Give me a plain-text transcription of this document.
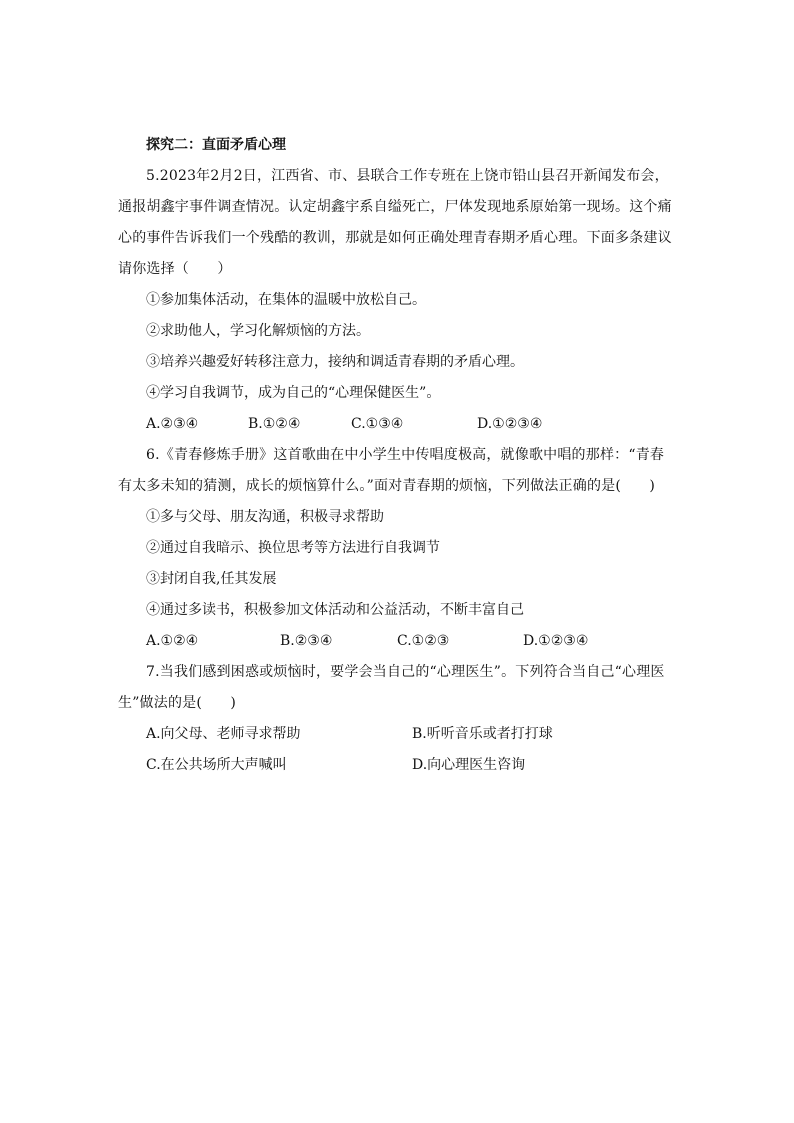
探究二：直面矛盾心理
5.2023年2月2日，江西省、市、县联合工作专班在上饶市铅山县召开新闻发布会，通报胡鑫宇事件调查情况。认定胡鑫宇系自缢死亡，尸体发现地系原始第一现场。这个痛心的事件告诉我们一个残酷的教训，那就是如何正确处理青春期矛盾心理。下面多条建议请你选择（　　）
①参加集体活动，在集体的温暖中放松自己。
②求助他人，学习化解烦恼的方法。
③培养兴趣爱好转移注意力，接纳和调适青春期的矛盾心理。
④学习自我调节，成为自己的“心理保健医生”。
A.②③④	B.①②④	C.①③④	D.①②③④
6.《青春修炼手册》这首歌曲在中小学生中传唱度极高，就像歌中唱的那样：“青春有太多未知的猜测，成长的烦恼算什么。”面对青春期的烦恼，下列做法正确的是(　　)
①多与父母、朋友沟通，积极寻求帮助
②通过自我暗示、换位思考等方法进行自我调节
③封闭自我,任其发展
④通过多读书，积极参加文体活动和公益活动，不断丰富自己
A.①②④	B.②③④	C.①②③	D.①②③④
7.当我们感到困惑或烦恼时，要学会当自己的“心理医生”。下列符合当自己“心理医生”做法的是(　　)
A.向父母、老师寻求帮助	B.听听音乐或者打打球
C.在公共场所大声喊叫	D.向心理医生咨询
